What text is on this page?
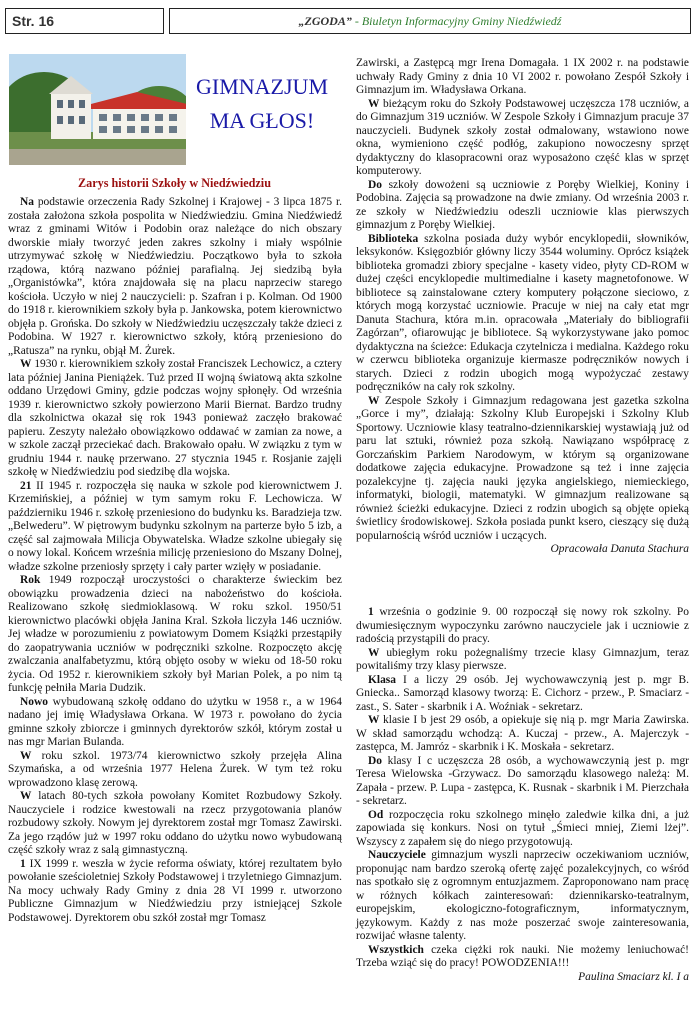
Str. 16	„ZGODA” - Biuletyn Informacyjny Gminy Niedźwiedź
GIMNAZJUM
MA GŁOS!
Zarys historii Szkoły w Niedźwiedziu

Na podstawie orzeczenia Rady Szkolnej i Krajowej - 3 lipca 1875 r. została założona szkoła pospolita w Niedźwiedziu. Gmina Niedźwiedź wraz z gminami Witów i Podobin oraz należące do nich obszary dworskie miały tworzyć jeden zakres szkolny i miały wspólnie utrzymywać szkołę w Niedźwiedziu. Początkowo była to szkoła rządowa, którą nazwano później parafialną. Jej siedzibą była „Organistówka”, która znajdowała się na placu naprzeciw starego kościoła. Uczyło w niej 2 nauczycieli: p. Szafran i p. Kolman. Od 1900 do 1918 r. kierownikiem szkoły była p. Jankowska, potem kierownictwo objęła p. Grońska. Do szkoły w Niedźwiedziu uczęszczały także dzieci z Podobina. W 1927 r. kierownictwo szkoły, którą przeniesiono do „Ratusza” na rynku, objął M. Żurek.

W 1930 r. kierownikiem szkoły został Franciszek Lechowicz, a cztery lata później Janina Pieniążek. Tuż przed II wojną światową akta szkolne oddano Urzędowi Gminy, gdzie podczas wojny spłonęły. Od września 1939 r. kierownictwo szkoły powierzono Marii Biernat. Bardzo trudny dla szkolnictwa okazał się rok 1943 ponieważ zaczęło brakować papieru. Zeszyty należało obowiązkowo oddawać w zamian za nowe, a w szkole zaczął przeciekać dach. Brakowało opału. W związku z tym w grudniu 1944 r. naukę przerwano. 27 stycznia 1945 r. Rosjanie zajęli szkołę w Niedźwiedziu pod siedzibę dla wojska.

21 II 1945 r. rozpoczęła się nauka w szkole pod kierownictwem J. Krzemińskiej, a później w tym samym roku F. Lechowicza. W październiku 1946 r. szkołę przeniesiono do budynku ks. Baradzieja tzw. „Belwederu”. W piętrowym budynku szkolnym na parterze było 5 izb, a część sal zajmowała Milicja Obywatelska. Władze szkolne ubiegały się o nowy lokal. Końcem września milicję przeniesiono do Mszany Dolnej, władze szkolne przeniosły sprzęty i cały parter wzięły w posiadanie.

Rok 1949 rozpoczął uroczystości o charakterze świeckim bez obowiązku prowadzenia dzieci na nabożeństwo do kościoła. Realizowano szkołę siedmioklasową. W roku szkol. 1950/51 kierownictwo placówki objęła Janina Kral. Szkoła liczyła 146 uczniów. Jej władze w porozumieniu z powiatowym Domem Książki przestąpiły do zaopatrywania uczniów w podręczniki szkolne. Rozpoczęto akcję zwalczania analfabetyzmu, którą objęto osoby w wieku od 18-50 roku życia. Od 1952 r. kierownikiem szkoły był Marian Polek, a po nim tą funkcję pełniła Maria Dudzik.

Nowo wybudowaną szkołę oddano do użytku w 1958 r., a w 1964 nadano jej imię Władysława Orkana. W 1973 r. powołano do życia gminne szkoły zbiorcze i gminnych dyrektorów szkół, którym został u nas mgr Marian Bulanda.

W roku szkol. 1973/74 kierownictwo szkoły przejęła Alina Szymańska, a od września 1977 Helena Żurek. W tym też roku wprowadzono klasę zerową.

W latach 80-tych szkoła powołany Komitet Rozbudowy Szkoły. Nauczyciele i rodzice kwestowali na rzecz przygotowania planów rozbudowy szkoły. Nowym jej dyrektorem został mgr Tomasz Zawirski. Za jego rządów już w 1997 roku oddano do użytku nowo wybudowaną część szkoły wraz z salą gimnastyczną.

1 IX 1999 r. weszła w życie reforma oświaty, której rezultatem było powołanie sześcioletniej Szkoły Podstawowej i trzyletniego Gimnazjum. Na mocy uchwały Rady Gminy z dnia 28 VI 1999 r. utworzono Publiczne Gimnazjum w Niedźwiedziu przy istniejącej Szkole Podstawowej. Dyrektorem obu szkół został mgr Tomasz

Zawirski, a Zastępcą mgr Irena Domagała. 1 IX 2002 r. na podstawie uchwały Rady Gminy z dnia 10 VI 2002 r. powołano Zespół Szkoły i Gimnazjum im. Władysława Orkana.

W bieżącym roku do Szkoły Podstawowej uczęszcza 178 uczniów, a do Gimnazjum 319 uczniów. W Zespole Szkoły i Gimnazjum pracuje 37 nauczycieli. Budynek szkoły został odmalowany, wstawiono nowe okna, wymieniono część podłóg, zakupiono nowoczesny sprzęt dydaktyczny do klasopracowni oraz wyposażono część klas w sprzęt komputerowy.

Do szkoły dowożeni są uczniowie z Poręby Wielkiej, Koniny i Podobina. Zajęcia są prowadzone na dwie zmiany. Od września 2003 r. ze szkoły w Niedźwiedziu odeszli uczniowie klas pierwszych gimnazjum z Poręby Wielkiej.

Biblioteka szkolna posiada duży wybór encyklopedii, słowników, leksykonów. Księgozbiór główny liczy 3544 woluminy. Oprócz książek biblioteka gromadzi zbiory specjalne - kasety video, płyty CD-ROM w dużej części encyklopedie multimedialne i kasety magnetofonowe. W bibliotece są zainstalowane cztery komputery połączone sieciowo, z których mogą korzystać uczniowie. Pracuje w niej na cały etat mgr Danuta Stachura, która m.in. opracowała „Materiały do bibliografii Zagórzan”, ofiarowując je bibliotece. Są wykorzystywane jako pomoc dydaktyczna na ścieżce: Edukacja czytelnicza i medialna. Każdego roku w czerwcu biblioteka organizuje kiermasze podręczników nowych i starych. Dzieci z rodzin ubogich mogą wypożyczać zestawy podręczników na cały rok szkolny.

W Zespole Szkoły i Gimnazjum redagowana jest gazetka szkolna „Gorce i my”, działają: Szkolny Klub Europejski i Szkolny Klub Sportowy. Uczniowie klasy teatralno-dziennikarskiej wystawiają już od paru lat sztuki, również poza szkołą. Nawiązano współpracę z Gorczańskim Parkiem Narodowym, w którym są organizowane dodatkowe zajęcia edukacyjne. Prowadzone są też i inne zajęcia pozalekcyjne tj. zajęcia nauki języka angielskiego, niemieckiego, informatyki, biologii, matematyki. W gimnazjum realizowane są również ścieżki edukacyjne. Dzieci z rodzin ubogich są objęte opieką świetlicy środowiskowej. Szkoła posiada punkt ksero, cieszący się dużą popularnością wśród uczniów i uczących.

Opracowała Danuta Stachura

1 września o godzinie 9. 00 rozpoczął się nowy rok szkolny. Po dwumiesięcznym wypoczynku zarówno nauczyciele jak i uczniowie z radością przystąpili do pracy.

W ubiegłym roku pożegnaliśmy trzecie klasy Gimnazjum, teraz powitaliśmy trzy klasy pierwsze.

Klasa I a liczy 29 osób. Jej wychowawczynią jest p. mgr B. Gniecka.. Samorząd klasowy tworzą: E. Cichorz - przew., P. Smaciarz - zast., S. Sater - skarbnik i A. Woźniak - sekretarz.

W klasie I b jest 29 osób, a opiekuje się nią p. mgr Maria Zawirska. W skład samorządu wchodzą: A. Kuczaj - przew., A. Majerczyk - zastępca, M. Jamróz - skarbnik i K. Moskała - sekretarz.

Do klasy I c uczęszcza 28 osób, a wychowawczynią jest p. mgr Teresa Wielowska -Grzywacz. Do samorządu klasowego należą: M. Zapała - przew. P. Lupa - zastępca, K. Rusnak - skarbnik i M. Pierzchała - sekretarz.

Od rozpoczęcia roku szkolnego minęło zaledwie kilka dni, a już zapowiada się konkurs. Nosi on tytuł „Śmieci mniej, Ziemi lżej”. Wszyscy z zapałem się do niego przygotowują.

Nauczyciele gimnazjum wyszli naprzeciw oczekiwaniom uczniów, proponując nam bardzo szeroką ofertę zajęć pozalekcyjnych, co wśród nas spotkało się z ogromnym entuzjazmem. Zaproponowano nam pracę w różnych kółkach zainteresowań: dziennikarsko-teatralnym, europejskim, ekologiczno-fotograficznym, informatycznym, językowym. Każdy z nas może poszerzać swoje zainteresowania, rozwijać własne talenty.

Wszystkich czeka ciężki rok nauki. Nie możemy leniuchować! Trzeba wziąć się do pracy! POWODZENIA!!!

Paulina Smaciarz kl. I a
